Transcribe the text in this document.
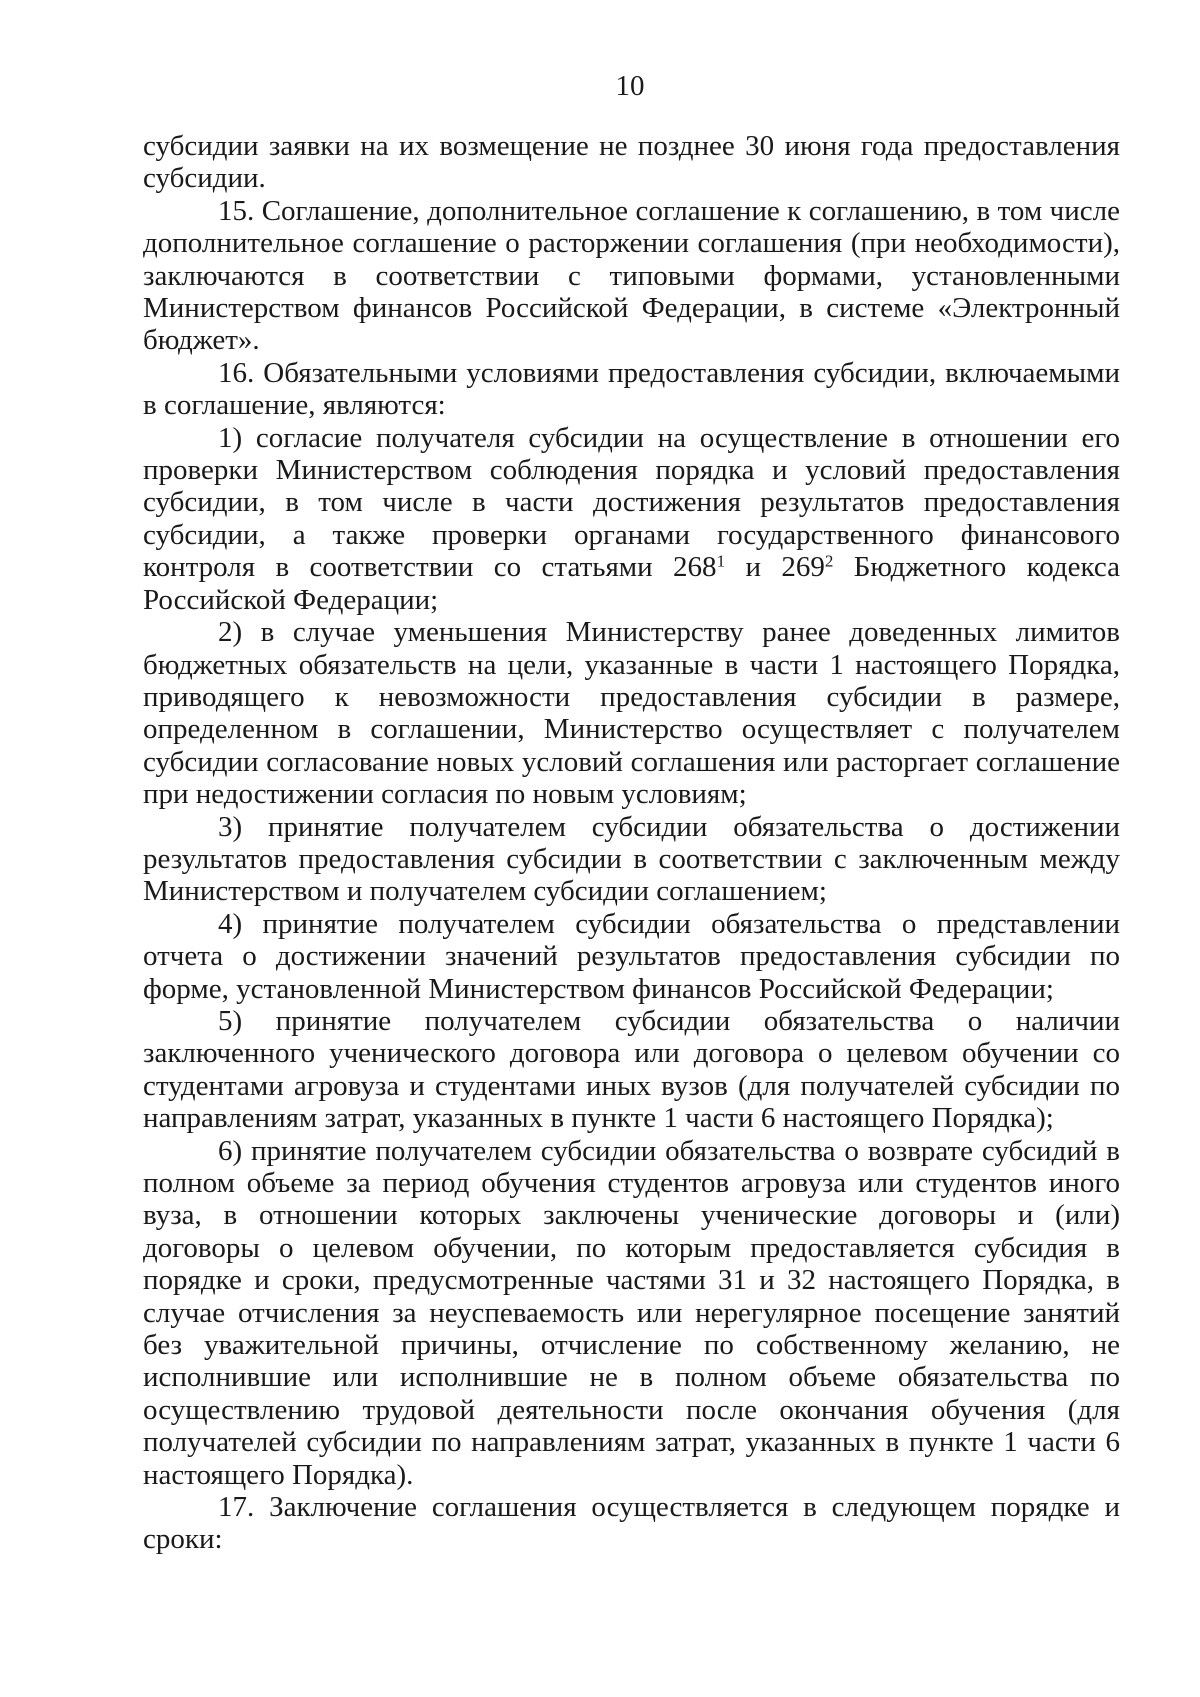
10

субсидии заявки на их возмещение не позднее 30 июня года предоставления субсидии.

15. Соглашение, дополнительное соглашение к соглашению, в том числе дополнительное соглашение о расторжении соглашения (при необходимости), заключаются в соответствии с типовыми формами, установленными Министерством финансов Российской Федерации, в системе «Электронный бюджет».

16. Обязательными условиями предоставления субсидии, включаемыми в соглашение, являются:

1) согласие получателя субсидии на осуществление в отношении его проверки Министерством соблюдения порядка и условий предоставления субсидии, в том числе в части достижения результатов предоставления субсидии, а также проверки органами государственного финансового контроля в соответствии со статьями $268^1$ и $269^2$ Бюджетного кодекса Российской Федерации;

2) в случае уменьшения Министерству ранее доведенных лимитов бюджетных обязательств на цели, указанные в части 1 настоящего Порядка, приводящего к невозможности предоставления субсидии в размере, определенном в соглашении, Министерство осуществляет с получателем субсидии согласование новых условий соглашения или расторгает соглашение при недостижении согласия по новым условиям;

3) принятие получателем субсидии обязательства о достижении результатов предоставления субсидии в соответствии с заключенным между Министерством и получателем субсидии соглашением;

4) принятие получателем субсидии обязательства о представлении отчета о достижении значений результатов предоставления субсидии по форме, установленной Министерством финансов Российской Федерации;

5) принятие получателем субсидии обязательства о наличии заключенного ученического договора или договора о целевом обучении со студентами агровуза и студентами иных вузов (для получателей субсидии по направлениям затрат, указанных в пункте 1 части 6 настоящего Порядка);

6) принятие получателем субсидии обязательства о возврате субсидий в полном объеме за период обучения студентов агровуза или студентов иного вуза, в отношении которых заключены ученические договоры и (или) договоры о целевом обучении, по которым предоставляется субсидия в порядке и сроки, предусмотренные частями 31 и 32 настоящего Порядка, в случае отчисления за неуспеваемость или нерегулярное посещение занятий без уважительной причины, отчисление по собственному желанию, не исполнившие или исполнившие не в полном объеме обязательства по осуществлению трудовой деятельности после окончания обучения (для получателей субсидии по направлениям затрат, указанных в пункте 1 части 6 настоящего Порядка).

17. Заключение соглашения осуществляется в следующем порядке и сроки:
